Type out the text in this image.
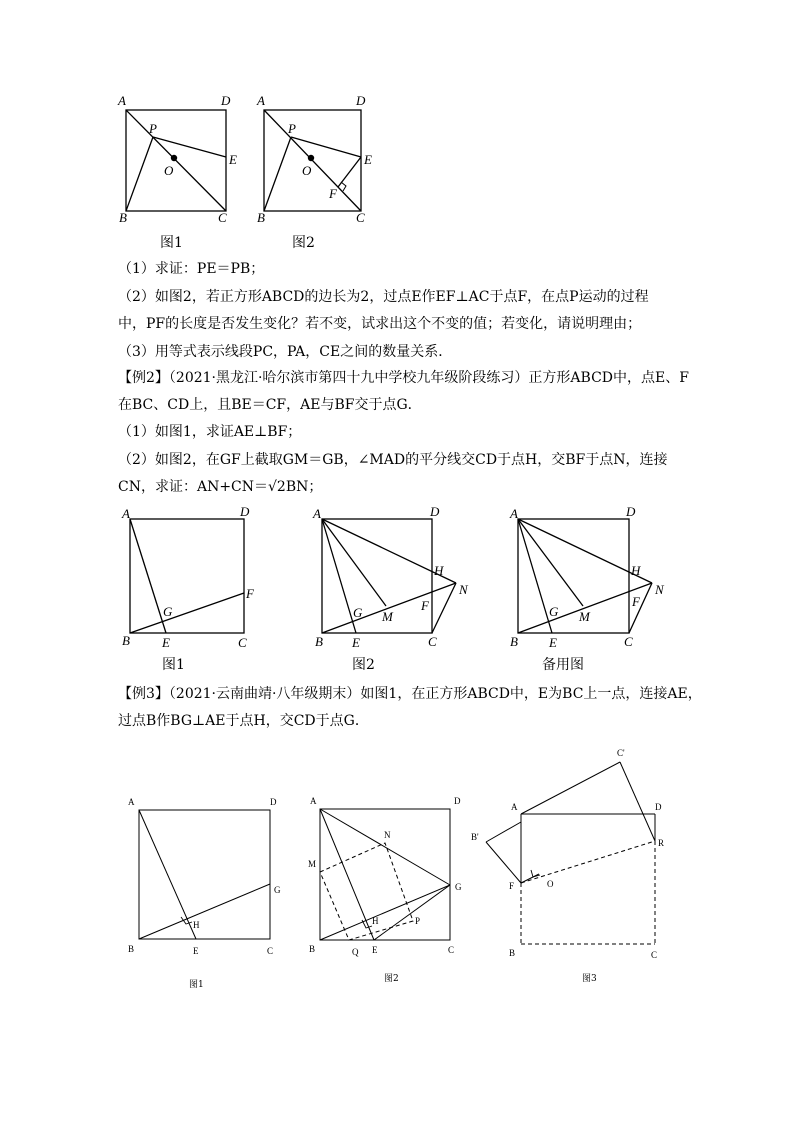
A	D
P
O
E
B	C
A	D
P
O
E
F
B	C
A	D
F
G
B E	C
A	D
H
N
F
G M
B E	C
A	D
H
N
F
G M
B E	C
A	D
G
H
B	E	C
A	D
N
M
G
H	P
B	Q E	C
C'
A	D
B'
R
F	O
B	C
图1	图2
图1	图2	备用图
图1
图2	图3
（1）求证：PE＝PB；
（2）如图2，若正方形ABCD的边长为2，过点E作EF⊥AC于点F，在点P运动的过程
中，PF的长度是否发生变化？若不变，试求出这个不变的值；若变化，请说明理由；
（3）用等式表示线段PC，PA，CE之间的数量关系．
【例2】（2021·黑龙江·哈尔滨市第四十九中学校九年级阶段练习）正方形ABCD中，点E、F
在BC、CD上，且BE＝CF，AE与BF交于点G．
（1）如图1，求证AE⊥BF；
（2）如图2，在GF上截取GM＝GB，∠MAD的平分线交CD于点H，交BF于点N，连接
CN，求证：AN+CN＝√2BN；
【例3】（2021·云南曲靖·八年级期末）如图1，在正方形ABCD中，E为BC上一点，连接AE，
过点B作BG⊥AE于点H，交CD于点G．
